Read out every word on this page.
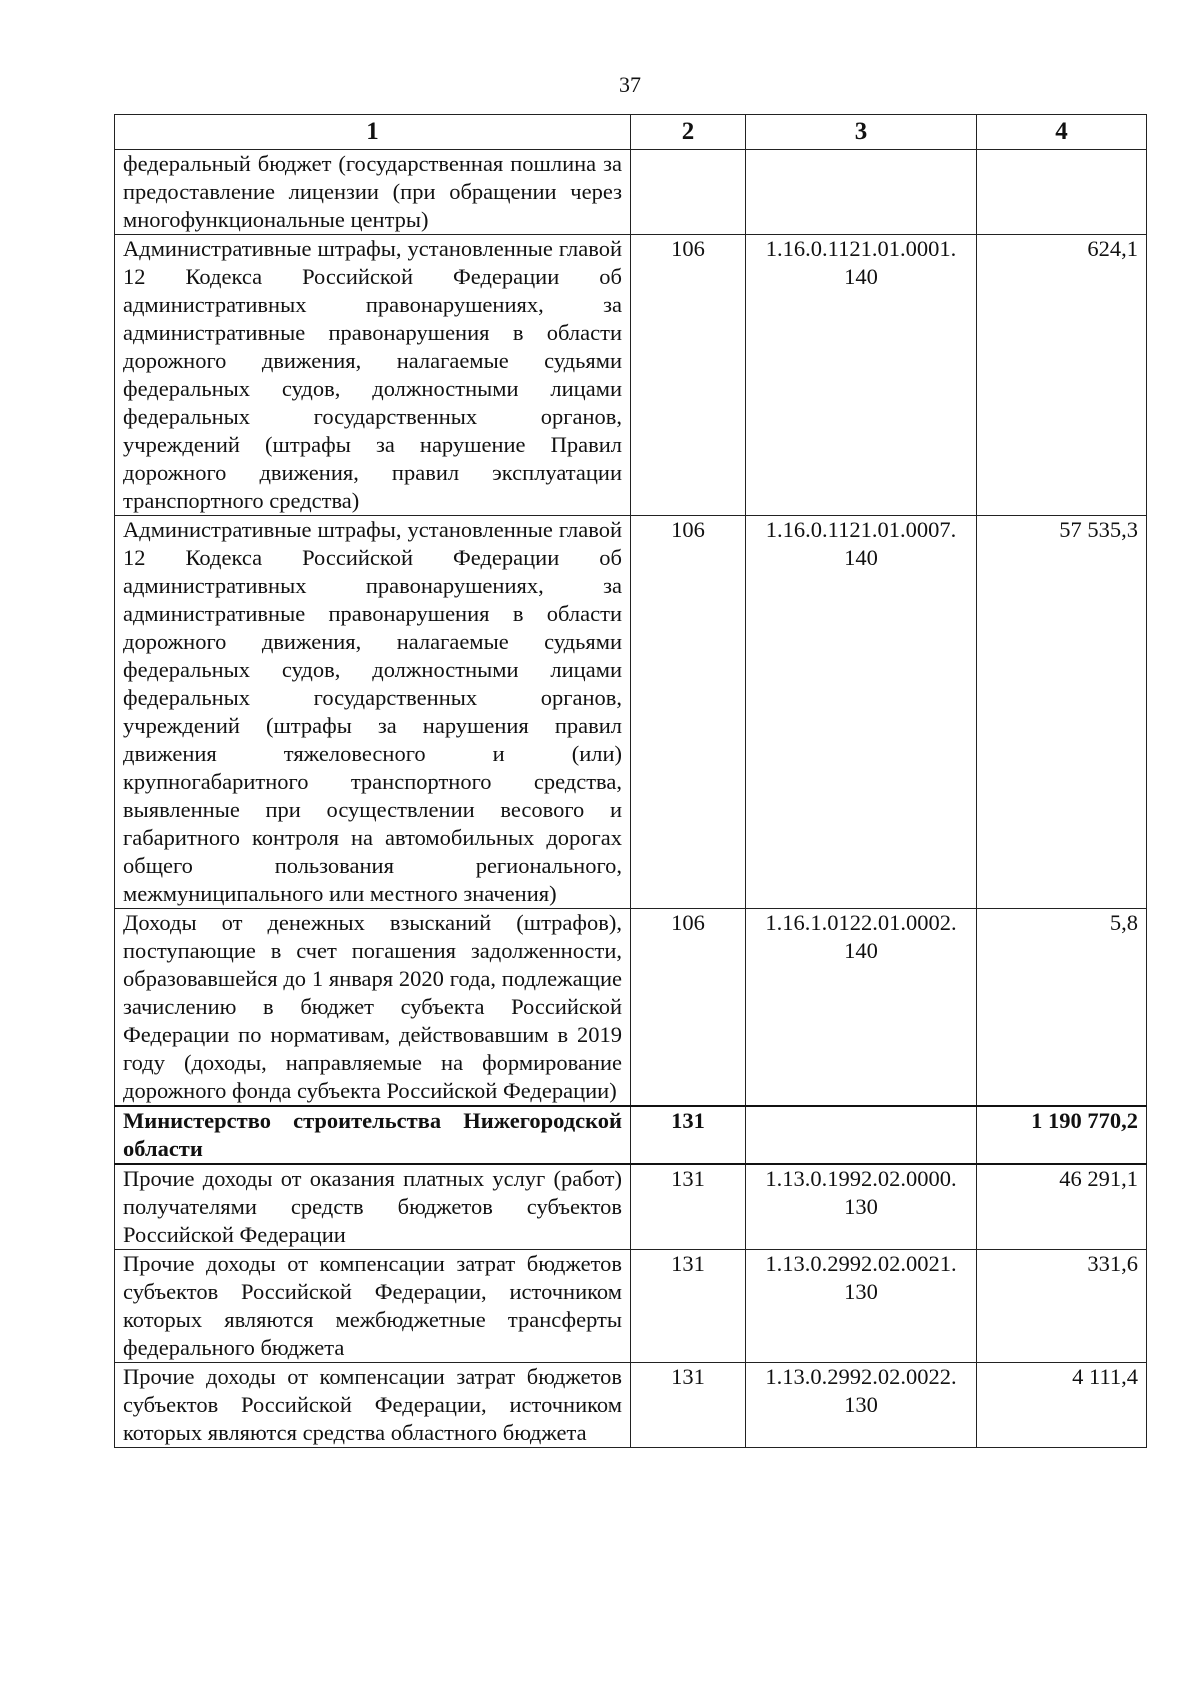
37
1	2	3	4
федеральный бюджет (государственная пошлина за предоставление лицензии (при обращении через многофункциональные центры)			
Административные штрафы, установленные главой 12 Кодекса Российской Федерации об административных правонарушениях, за административные правонарушения в области дорожного движения, налагаемые судьями федеральных судов, должностными лицами федеральных государственных органов, учреждений (штрафы за нарушение Правил дорожного движения, правил эксплуатации транспортного средства)	106	1.16.0.1121.01.0001. 140	624,1
Административные штрафы, установленные главой 12 Кодекса Российской Федерации об административных правонарушениях, за административные правонарушения в области дорожного движения, налагаемые судьями федеральных судов, должностными лицами федеральных государственных органов, учреждений (штрафы за нарушения правил движения тяжеловесного и (или) крупногабаритного транспортного средства, выявленные при осуществлении весового и габаритного контроля на автомобильных дорогах общего пользования регионального, межмуниципального или местного значения)	106	1.16.0.1121.01.0007. 140	57 535,3
Доходы от денежных взысканий (штрафов), поступающие в счет погашения задолженности, образовавшейся до 1 января 2020 года, подлежащие зачислению в бюджет субъекта Российской Федерации по нормативам, действовавшим в 2019 году (доходы, направляемые на формирование дорожного фонда субъекта Российской Федерации)	106	1.16.1.0122.01.0002. 140	5,8
Министерство строительства Нижегородской области	131		1 190 770,2
Прочие доходы от оказания платных услуг (работ) получателями средств бюджетов субъектов Российской Федерации	131	1.13.0.1992.02.0000. 130	46 291,1
Прочие доходы от компенсации затрат бюджетов субъектов Российской Федерации, источником которых являются межбюджетные трансферты федерального бюджета	131	1.13.0.2992.02.0021. 130	331,6
Прочие доходы от компенсации затрат бюджетов субъектов Российской Федерации, источником которых являются средства областного бюджета	131	1.13.0.2992.02.0022. 130	4 111,4
